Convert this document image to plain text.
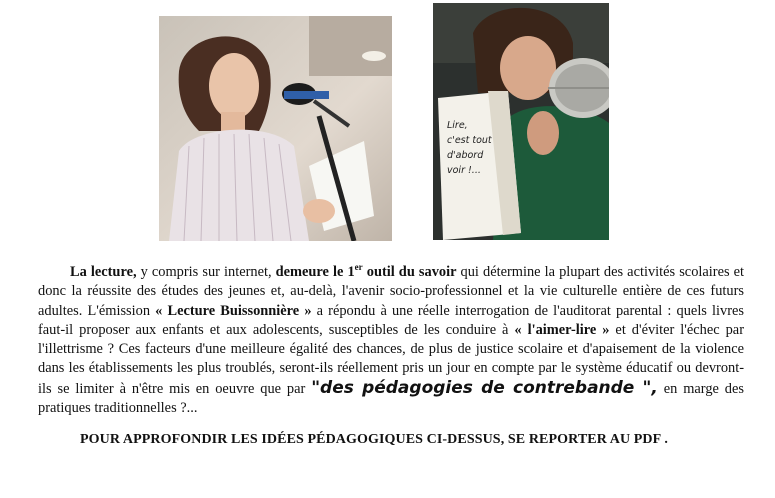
Lire,
c'est tout
d'abord
voir !...

La lecture, y compris sur internet, demeure le 1er outil du savoir qui détermine la plupart des activités scolaires et donc la réussite des études des jeunes et, au-delà, l'avenir socio-professionnel et la vie culturelle entière de ces futurs adultes. L'émission « Lecture Buissonnière » a répondu à une réelle interrogation de l'auditorat parental : quels livres faut-il proposer aux enfants et aux adolescents, susceptibles de les conduire à « l'aimer-lire » et d'éviter l'échec par l'illettrisme ? Ces facteurs d'une meilleure égalité des chances, de plus de justice scolaire et d'apaisement de la violence dans les établissements les plus troublés, seront-ils réellement pris un jour en compte par le système éducatif ou devront-ils se limiter à n'être mis en oeuvre que par "des pédagogies de contrebande ", en marge des pratiques traditionnelles ?...

POUR APPROFONDIR LES IDÉES PÉDAGOGIQUES CI-DESSUS, SE REPORTER AU PDF .
